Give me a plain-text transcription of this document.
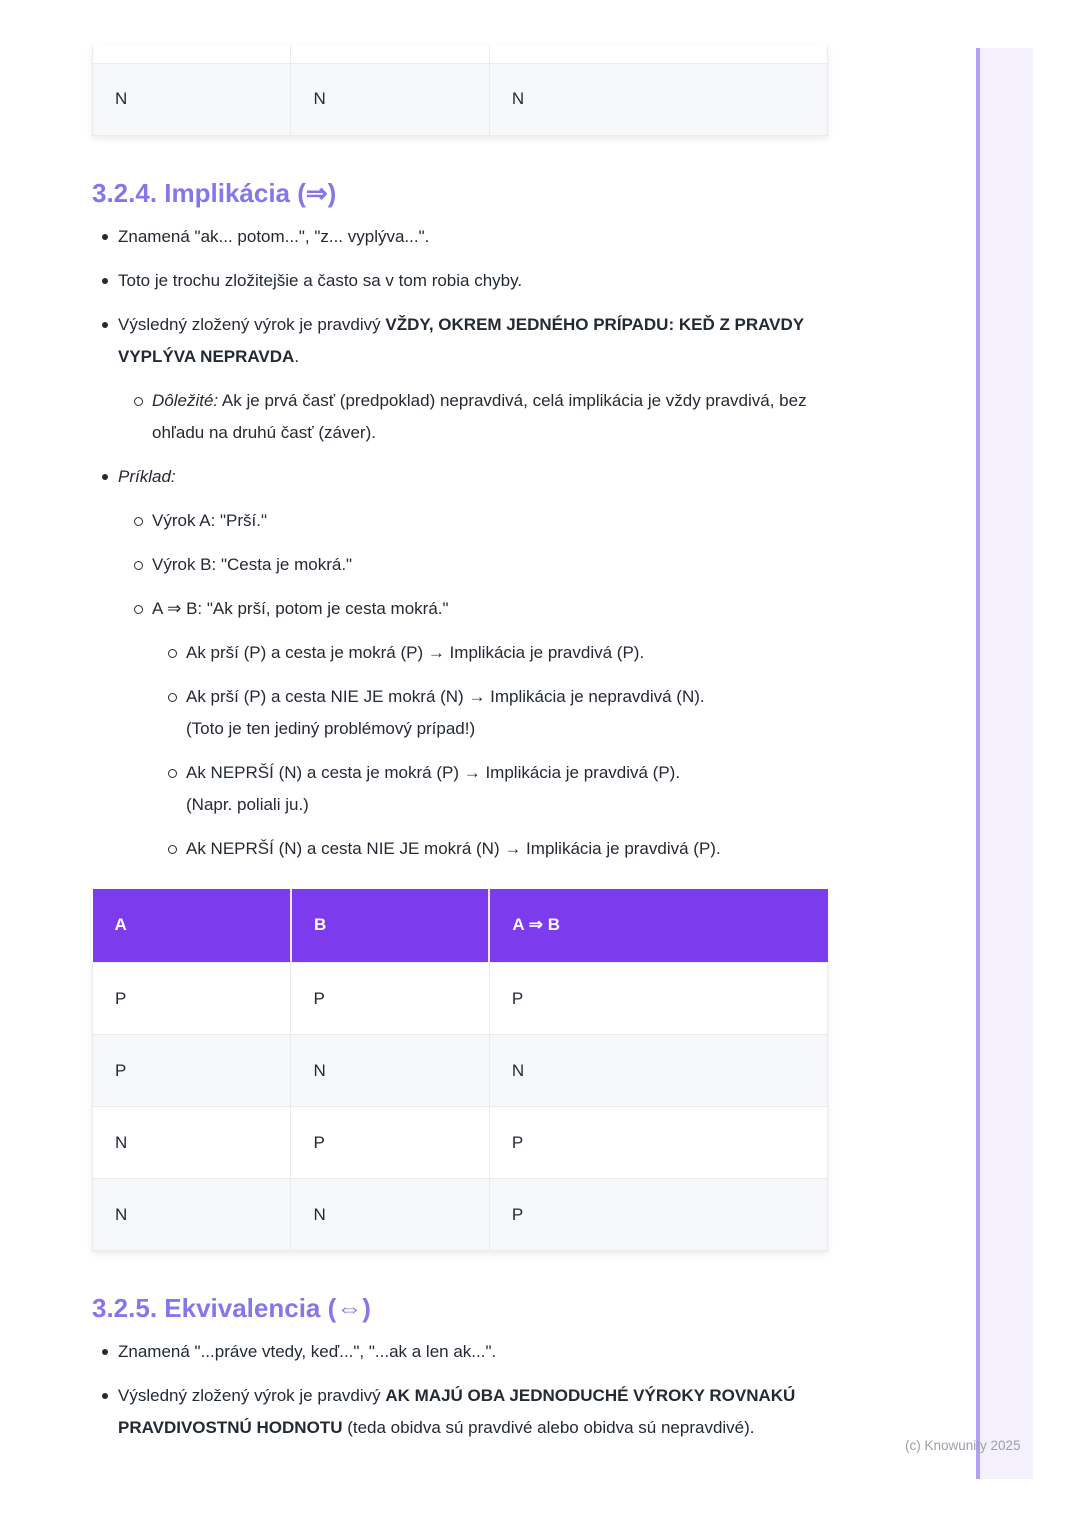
N	N	N
3.2.4. Implikácia (⇒)
Znamená "ak... potom...", "z... vyplýva...".
Toto je trochu zložitejšie a často sa v tom robia chyby.
Výsledný zložený výrok je pravdivý VŽDY, OKREM JEDNÉHO PRÍPADU: KEĎ Z PRAVDY VYPLÝVA NEPRAVDA.
Dôležité: Ak je prvá časť (predpoklad) nepravdivá, celá implikácia je vždy pravdivá, bez ohľadu na druhú časť (záver).
Príklad:
Výrok A: "Prší."
Výrok B: "Cesta je mokrá."
A ⇒ B: "Ak prší, potom je cesta mokrá."
Ak prší (P) a cesta je mokrá (P) → Implikácia je pravdivá (P).
Ak prší (P) a cesta NIE JE mokrá (N) → Implikácia je nepravdivá (N).
(Toto je ten jediný problémový prípad!)
Ak NEPRŠÍ (N) a cesta je mokrá (P) → Implikácia je pravdivá (P).
(Napr. poliali ju.)
Ak NEPRŠÍ (N) a cesta NIE JE mokrá (N) → Implikácia je pravdivá (P).
A	B	A ⇒ B
P	P	P
P	N	N
N	P	P
N	N	P
3.2.5. Ekvivalencia (⇔)
Znamená "...práve vtedy, keď...", "...ak a len ak...".
Výsledný zložený výrok je pravdivý AK MAJÚ OBA JEDNODUCHÉ VÝROKY ROVNAKÚ PRAVDIVOSTNÚ HODNOTU (teda obidva sú pravdivé alebo obidva sú nepravdivé).
(c) Knowunity 2025
